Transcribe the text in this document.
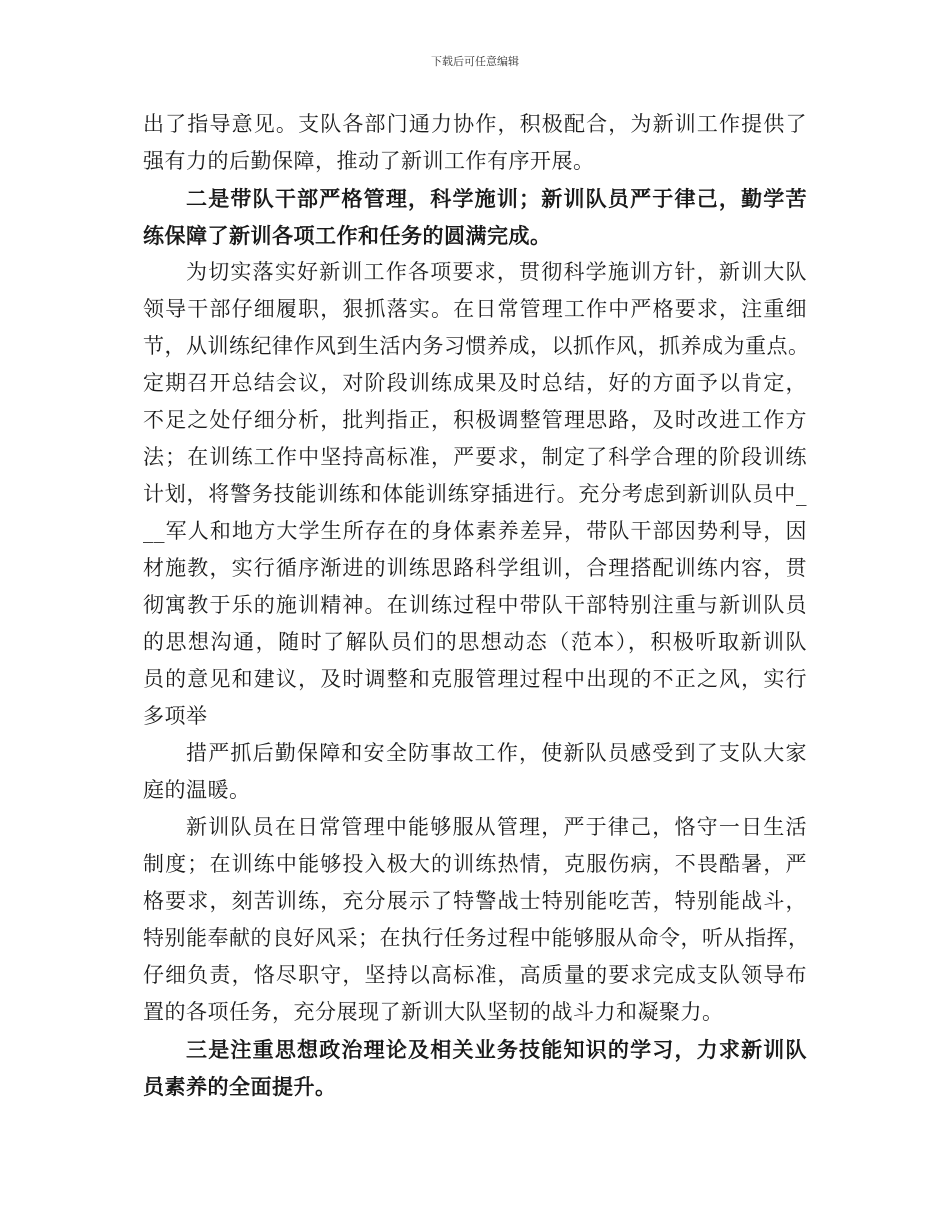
下载后可任意编辑
出了指导意见。支队各部门通力协作，积极配合，为新训工作提供了
强有力的后勤保障，推动了新训工作有序开展。
二是带队干部严格管理，科学施训；新训队员严于律己，勤学苦
练保障了新训各项工作和任务的圆满完成。
为切实落实好新训工作各项要求，贯彻科学施训方针，新训大队
领导干部仔细履职，狠抓落实。在日常管理工作中严格要求，注重细
节，从训练纪律作风到生活内务习惯养成，以抓作风，抓养成为重点。
定期召开总结会议，对阶段训练成果及时总结，好的方面予以肯定，
不足之处仔细分析，批判指正，积极调整管理思路，及时改进工作方
法；在训练工作中坚持高标准，严要求，制定了科学合理的阶段训练
计划，将警务技能训练和体能训练穿插进行。充分考虑到新训队员中_
__军人和地方大学生所存在的身体素养差异，带队干部因势利导，因
材施教，实行循序渐进的训练思路科学组训，合理搭配训练内容，贯
彻寓教于乐的施训精神。在训练过程中带队干部特别注重与新训队员
的思想沟通，随时了解队员们的思想动态（范本），积极听取新训队
员的意见和建议，及时调整和克服管理过程中出现的不正之风，实行
多项举
措严抓后勤保障和安全防事故工作，使新队员感受到了支队大家
庭的温暖。
新训队员在日常管理中能够服从管理，严于律己，恪守一日生活
制度；在训练中能够投入极大的训练热情，克服伤病，不畏酷暑，严
格要求，刻苦训练，充分展示了特警战士特别能吃苦，特别能战斗，
特别能奉献的良好风采；在执行任务过程中能够服从命令，听从指挥，
仔细负责，恪尽职守，坚持以高标准，高质量的要求完成支队领导布
置的各项任务，充分展现了新训大队坚韧的战斗力和凝聚力。
三是注重思想政治理论及相关业务技能知识的学习，力求新训队
员素养的全面提升。
